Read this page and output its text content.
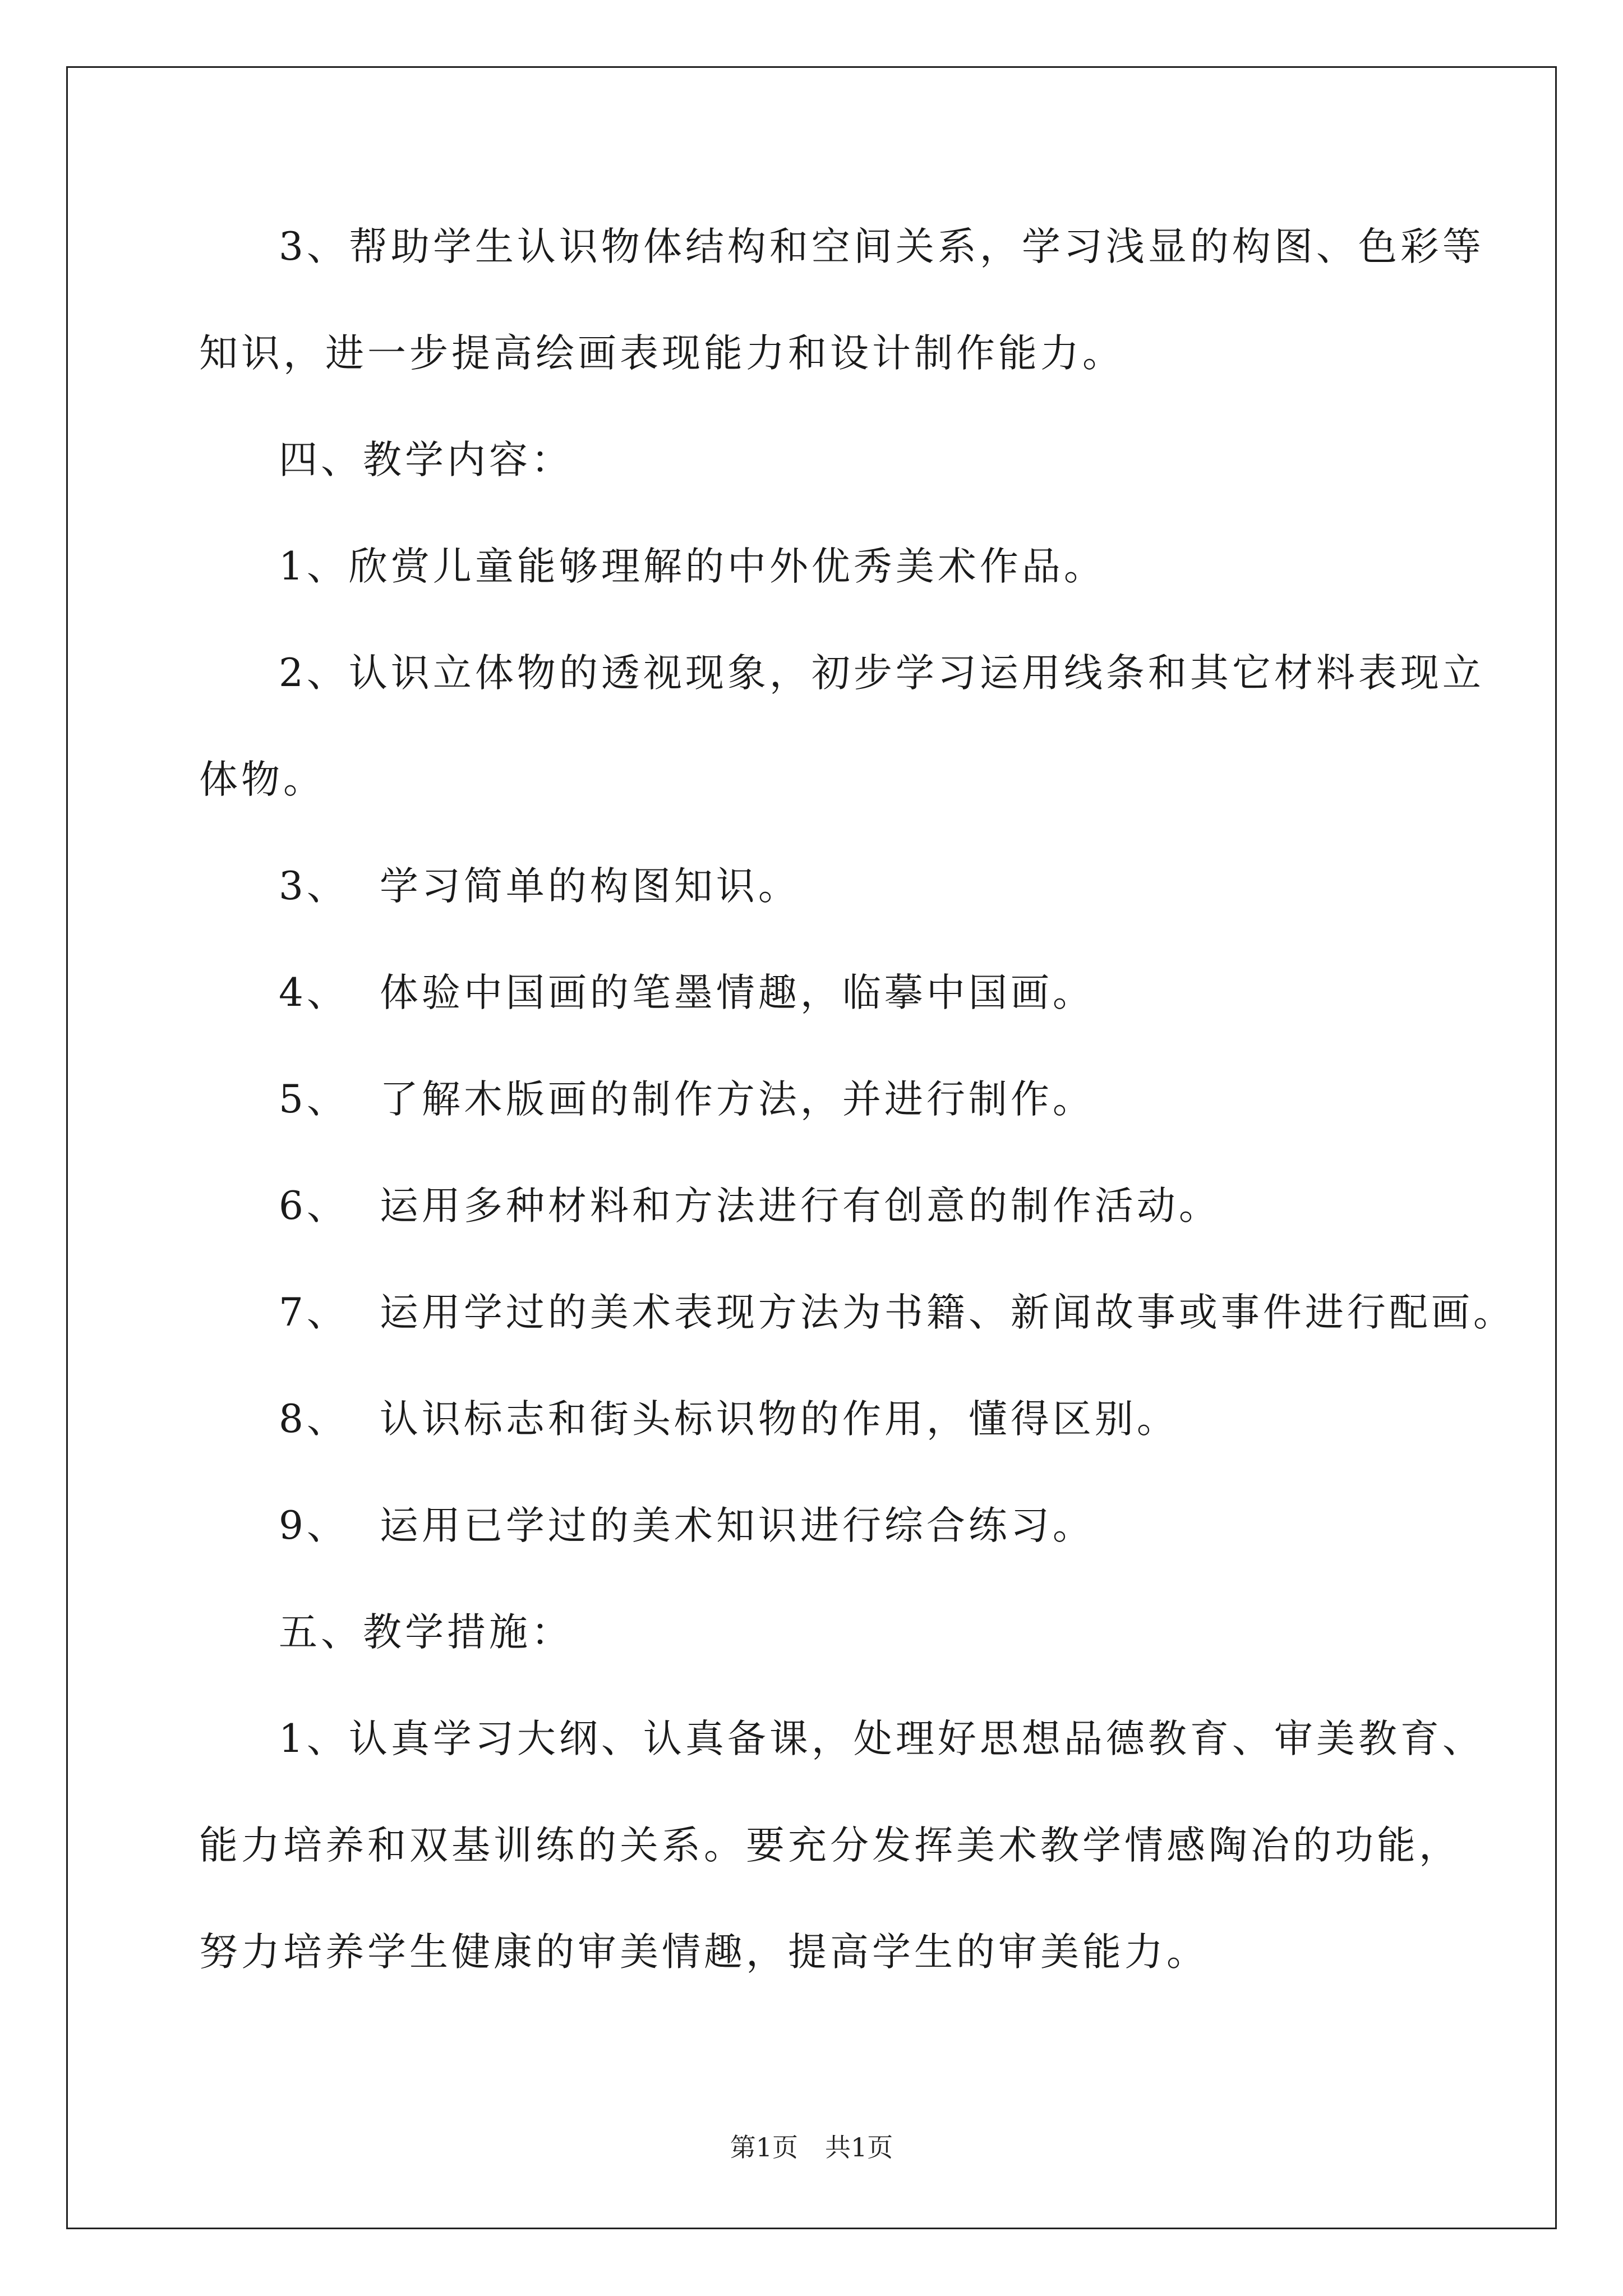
3、帮助学生认识物体结构和空间关系，学习浅显的构图、色彩等
知识，进一步提高绘画表现能力和设计制作能力。
四、教学内容：
1、欣赏儿童能够理解的中外优秀美术作品。
2、认识立体物的透视现象，初步学习运用线条和其它材料表现立
体物。
3、 学习简单的构图知识。
4、 体验中国画的笔墨情趣，临摹中国画。
5、 了解木版画的制作方法，并进行制作。
6、 运用多种材料和方法进行有创意的制作活动。
7、 运用学过的美术表现方法为书籍、新闻故事或事件进行配画。
8、 认识标志和街头标识物的作用，懂得区别。
9、 运用已学过的美术知识进行综合练习。
五、教学措施：
1、认真学习大纲、认真备课，处理好思想品德教育、审美教育、
能力培养和双基训练的关系。要充分发挥美术教学情感陶冶的功能，
努力培养学生健康的审美情趣，提高学生的审美能力。
第1页 共1页
